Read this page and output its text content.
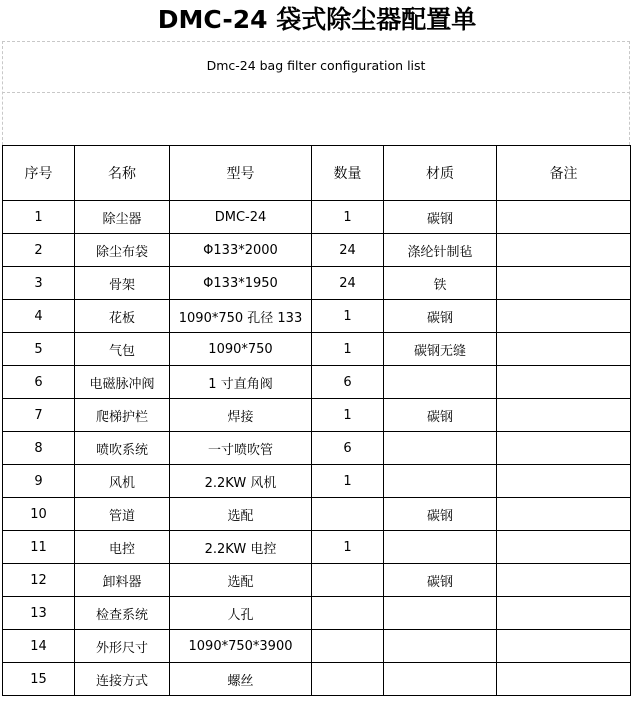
DMC-24 袋式除尘器配置单
Dmc-24 bag filter configuration list
序号	名称	型号	数量	材质	备注
1	除尘器	DMC-24	1	碳钢	
2	除尘布袋	Φ133*2000	24	涤纶针制毡	
3	骨架	Φ133*1950	24	铁	
4	花板	1090*750 孔径 133	1	碳钢	
5	气包	1090*750	1	碳钢无缝	
6	电磁脉冲阀	1 寸直角阀	6		
7	爬梯护栏	焊接	1	碳钢	
8	喷吹系统	一寸喷吹管	6		
9	风机	2.2KW 风机	1		
10	管道	选配		碳钢	
11	电控	2.2KW 电控	1		
12	卸料器	选配		碳钢	
13	检查系统	人孔			
14	外形尺寸	1090*750*3900			
15	连接方式	螺丝			
